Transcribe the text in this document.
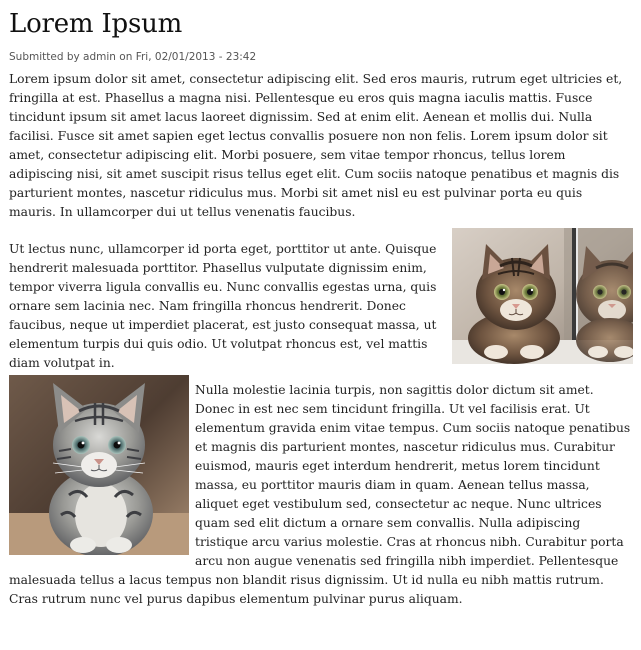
Lorem Ipsum
Submitted by admin on Fri, 02/01/2013 - 23:42

Lorem ipsum dolor sit amet, consectetur adipiscing elit. Sed eros mauris, rutrum eget ultricies et, fringilla at est. Phasellus a magna nisi. Pellentesque eu eros quis magna iaculis mattis. Fusce tincidunt ipsum sit amet lacus laoreet dignissim. Sed at enim elit. Aenean et mollis dui. Nulla facilisi. Fusce sit amet sapien eget lectus convallis posuere non non felis. Lorem ipsum dolor sit amet, consectetur adipiscing elit. Morbi posuere, sem vitae tempor rhoncus, tellus lorem adipiscing nisi, sit amet suscipit risus tellus eget elit. Cum sociis natoque penatibus et magnis dis parturient montes, nascetur ridiculus mus. Morbi sit amet nisl eu est pulvinar porta eu quis mauris. In ullamcorper dui ut tellus venenatis faucibus.

Ut lectus nunc, ullamcorper id porta eget, porttitor ut ante. Quisque hendrerit malesuada porttitor. Phasellus vulputate dignissim enim, tempor viverra ligula convallis eu. Nunc convallis egestas urna, quis ornare sem lacinia nec. Nam fringilla rhoncus hendrerit. Donec faucibus, neque ut imperdiet placerat, est justo consequat massa, ut elementum turpis dui quis odio. Ut volutpat rhoncus est, vel mattis diam volutpat in.

Nulla molestie lacinia turpis, non sagittis dolor dictum sit amet. Donec in est nec sem tincidunt fringilla. Ut vel facilisis erat. Ut elementum gravida enim vitae tempus. Cum sociis natoque penatibus et magnis dis parturient montes, nascetur ridiculus mus. Curabitur euismod, mauris eget interdum hendrerit, metus lorem tincidunt massa, eu porttitor mauris diam in quam. Aenean tellus massa, aliquet eget vestibulum sed, consectetur ac neque. Nunc ultrices quam sed elit dictum a ornare sem convallis. Nulla adipiscing tristique arcu varius molestie. Cras at rhoncus nibh. Curabitur porta arcu non augue venenatis sed fringilla nibh imperdiet. Pellentesque malesuada tellus a lacus tempus non blandit risus dignissim. Ut id nulla eu nibh mattis rutrum. Cras rutrum nunc vel purus dapibus elementum pulvinar purus aliquam.
